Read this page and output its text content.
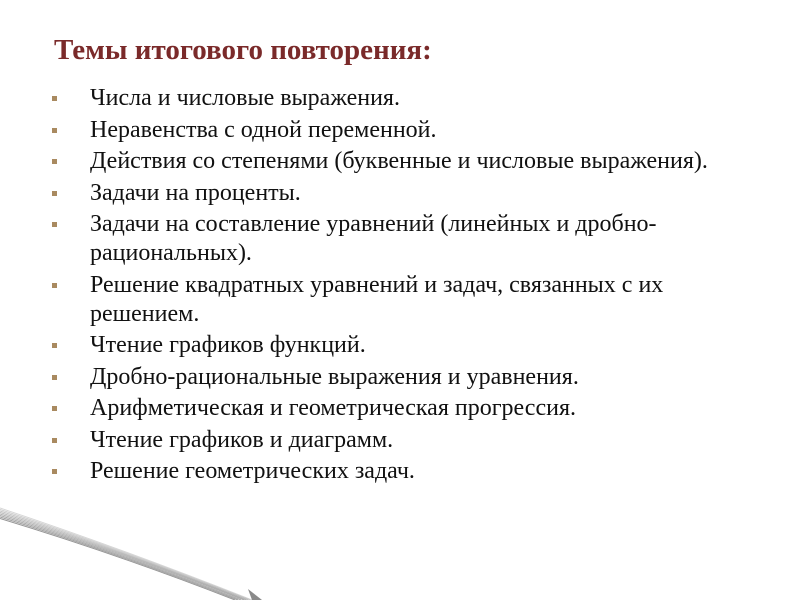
Темы итогового повторения:
Числа и числовые выражения.
Неравенства с одной переменной.
Действия со степенями (буквенные и числовые выражения).
Задачи на проценты.
Задачи на составление уравнений (линейных и дробно-рациональных).
Решение квадратных уравнений и задач, связанных с их решением.
Чтение графиков функций.
Дробно-рациональные выражения и уравнения.
Арифметическая и геометрическая прогрессия.
Чтение графиков и диаграмм.
Решение геометрических задач.
